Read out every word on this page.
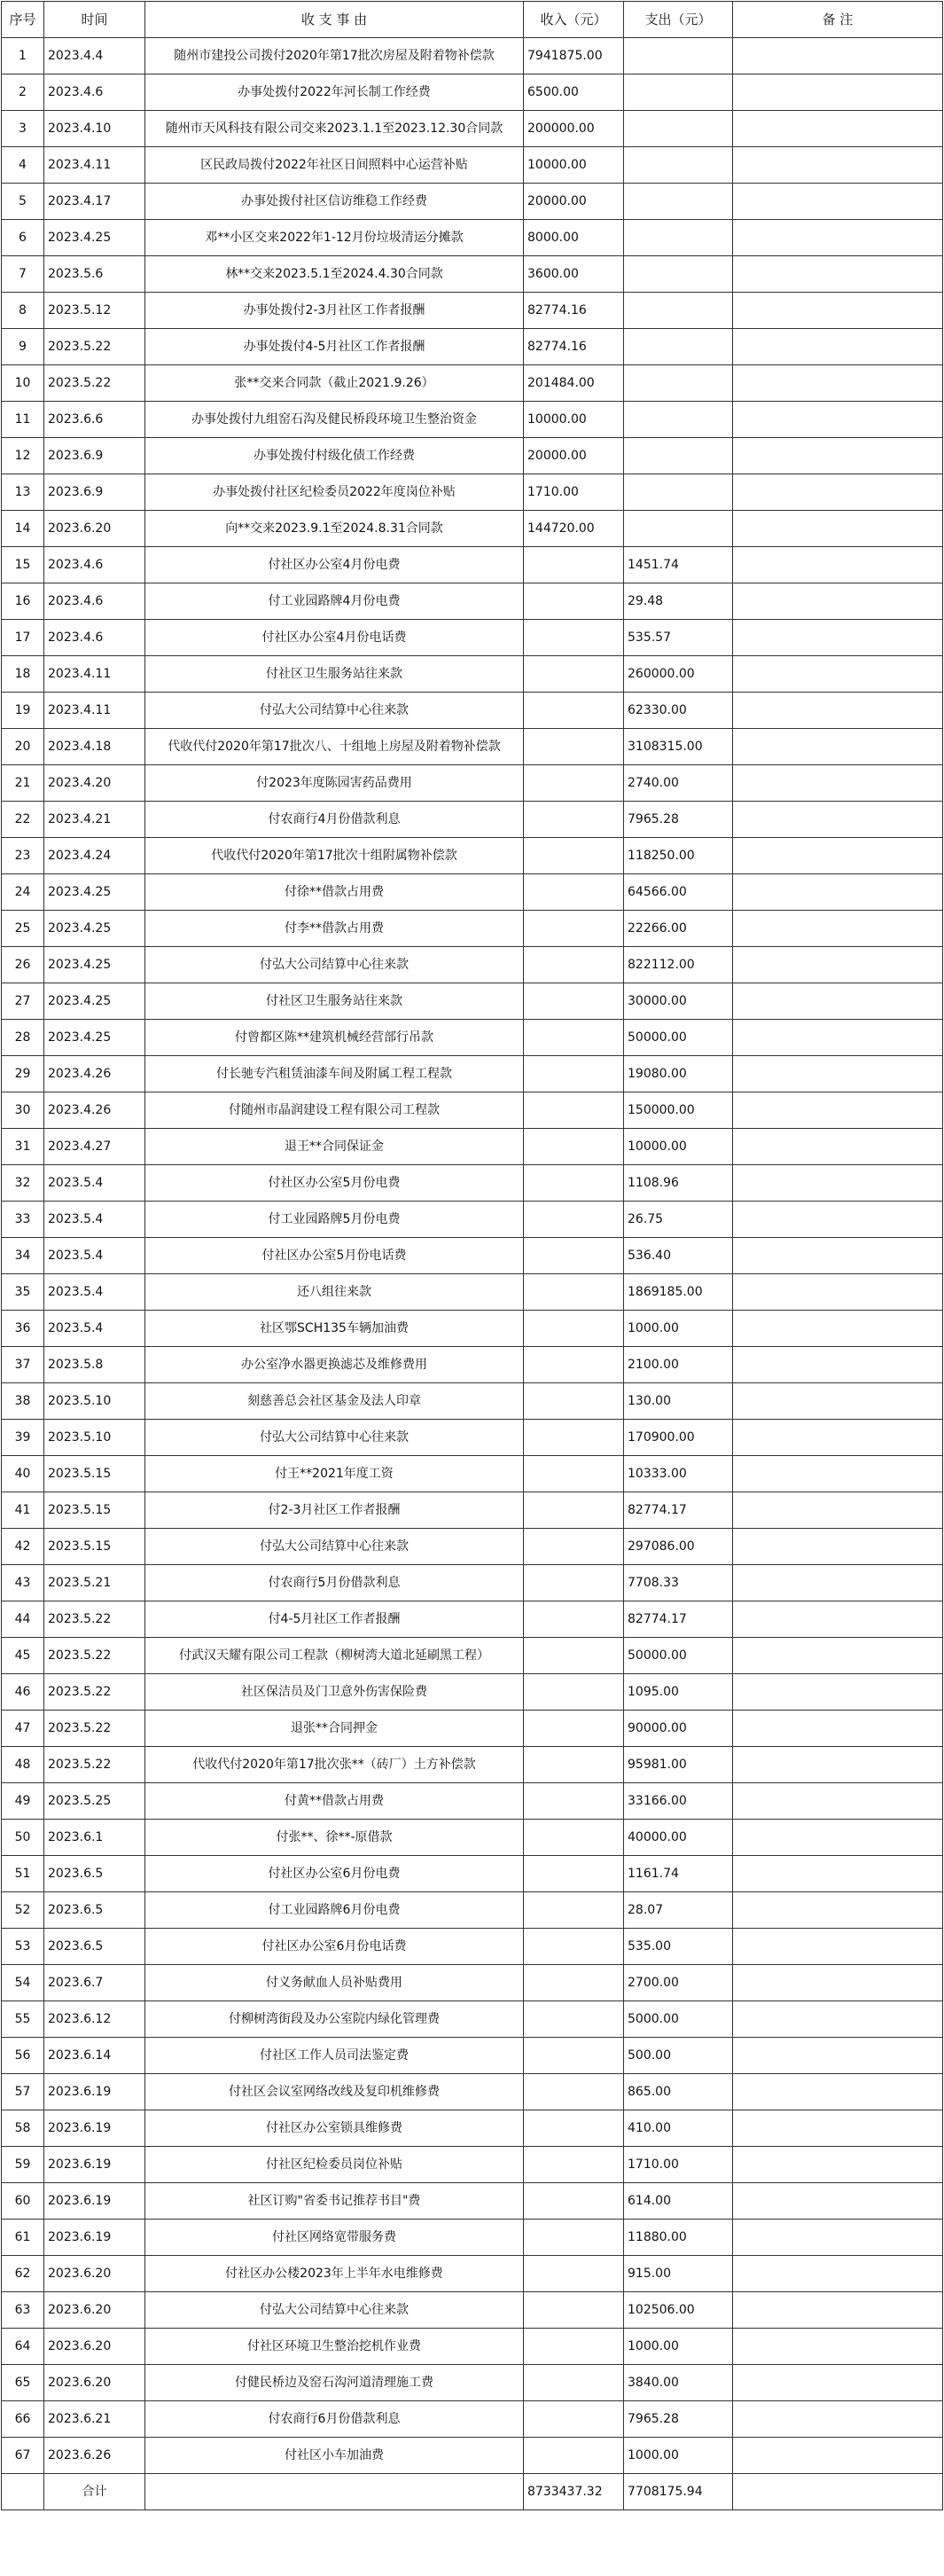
序号	时间	收 支 事 由	收入（元）	支出（元）	备 注
1	2023.4.4	随州市建投公司拨付2020年第17批次房屋及附着物补偿款	7941875.00		
2	2023.4.6	办事处拨付2022年河长制工作经费	6500.00		
3	2023.4.10	随州市天风科技有限公司交来2023.1.1至2023.12.30合同款	200000.00		
4	2023.4.11	区民政局拨付2022年社区日间照料中心运营补贴	10000.00		
5	2023.4.17	办事处拨付社区信访维稳工作经费	20000.00		
6	2023.4.25	邓**小区交来2022年1-12月份垃圾清运分摊款	8000.00		
7	2023.5.6	林**交来2023.5.1至2024.4.30合同款	3600.00		
8	2023.5.12	办事处拨付2-3月社区工作者报酬	82774.16		
9	2023.5.22	办事处拨付4-5月社区工作者报酬	82774.16		
10	2023.5.22	张**交来合同款（截止2021.9.26）	201484.00		
11	2023.6.6	办事处拨付九组窑石沟及健民桥段环境卫生整治资金	10000.00		
12	2023.6.9	办事处拨付村级化债工作经费	20000.00		
13	2023.6.9	办事处拨付社区纪检委员2022年度岗位补贴	1710.00		
14	2023.6.20	向**交来2023.9.1至2024.8.31合同款	144720.00		
15	2023.4.6	付社区办公室4月份电费		1451.74	
16	2023.4.6	付工业园路牌4月份电费		29.48	
17	2023.4.6	付社区办公室4月份电话费		535.57	
18	2023.4.11	付社区卫生服务站往来款		260000.00	
19	2023.4.11	付弘大公司结算中心往来款		62330.00	
20	2023.4.18	代收代付2020年第17批次八、十组地上房屋及附着物补偿款		3108315.00	
21	2023.4.20	付2023年度陈园害药品费用		2740.00	
22	2023.4.21	付农商行4月份借款利息		7965.28	
23	2023.4.24	代收代付2020年第17批次十组附属物补偿款		118250.00	
24	2023.4.25	付徐**借款占用费		64566.00	
25	2023.4.25	付李**借款占用费		22266.00	
26	2023.4.25	付弘大公司结算中心往来款		822112.00	
27	2023.4.25	付社区卫生服务站往来款		30000.00	
28	2023.4.25	付曾都区陈**建筑机械经营部行吊款		50000.00	
29	2023.4.26	付长驰专汽租赁油漆车间及附属工程工程款		19080.00	
30	2023.4.26	付随州市晶润建设工程有限公司工程款		150000.00	
31	2023.4.27	退王**合同保证金		10000.00	
32	2023.5.4	付社区办公室5月份电费		1108.96	
33	2023.5.4	付工业园路牌5月份电费		26.75	
34	2023.5.4	付社区办公室5月份电话费		536.40	
35	2023.5.4	还八组往来款		1869185.00	
36	2023.5.4	社区鄂SCH135车辆加油费		1000.00	
37	2023.5.8	办公室净水器更换滤芯及维修费用		2100.00	
38	2023.5.10	刻慈善总会社区基金及法人印章		130.00	
39	2023.5.10	付弘大公司结算中心往来款		170900.00	
40	2023.5.15	付王**2021年度工资		10333.00	
41	2023.5.15	付2-3月社区工作者报酬		82774.17	
42	2023.5.15	付弘大公司结算中心往来款		297086.00	
43	2023.5.21	付农商行5月份借款利息		7708.33	
44	2023.5.22	付4-5月社区工作者报酬		82774.17	
45	2023.5.22	付武汉天耀有限公司工程款（柳树湾大道北延刷黑工程）		50000.00	
46	2023.5.22	社区保洁员及门卫意外伤害保险费		1095.00	
47	2023.5.22	退张**合同押金		90000.00	
48	2023.5.22	代收代付2020年第17批次张**（砖厂）土方补偿款		95981.00	
49	2023.5.25	付黄**借款占用费		33166.00	
50	2023.6.1	付张**、徐**-原借款		40000.00	
51	2023.6.5	付社区办公室6月份电费		1161.74	
52	2023.6.5	付工业园路牌6月份电费		28.07	
53	2023.6.5	付社区办公室6月份电话费		535.00	
54	2023.6.7	付义务献血人员补贴费用		2700.00	
55	2023.6.12	付柳树湾街段及办公室院内绿化管理费		5000.00	
56	2023.6.14	付社区工作人员司法鉴定费		500.00	
57	2023.6.19	付社区会议室网络改线及复印机维修费		865.00	
58	2023.6.19	付社区办公室锁具维修费		410.00	
59	2023.6.19	付社区纪检委员岗位补贴		1710.00	
60	2023.6.19	社区订购"省委书记推荐书目"费		614.00	
61	2023.6.19	付社区网络宽带服务费		11880.00	
62	2023.6.20	付社区办公楼2023年上半年水电维修费		915.00	
63	2023.6.20	付弘大公司结算中心往来款		102506.00	
64	2023.6.20	付社区环境卫生整治挖机作业费		1000.00	
65	2023.6.20	付健民桥边及窑石沟河道清理施工费		3840.00	
66	2023.6.21	付农商行6月份借款利息		7965.28	
67	2023.6.26	付社区小车加油费		1000.00	
	合计		8733437.32	7708175.94	
